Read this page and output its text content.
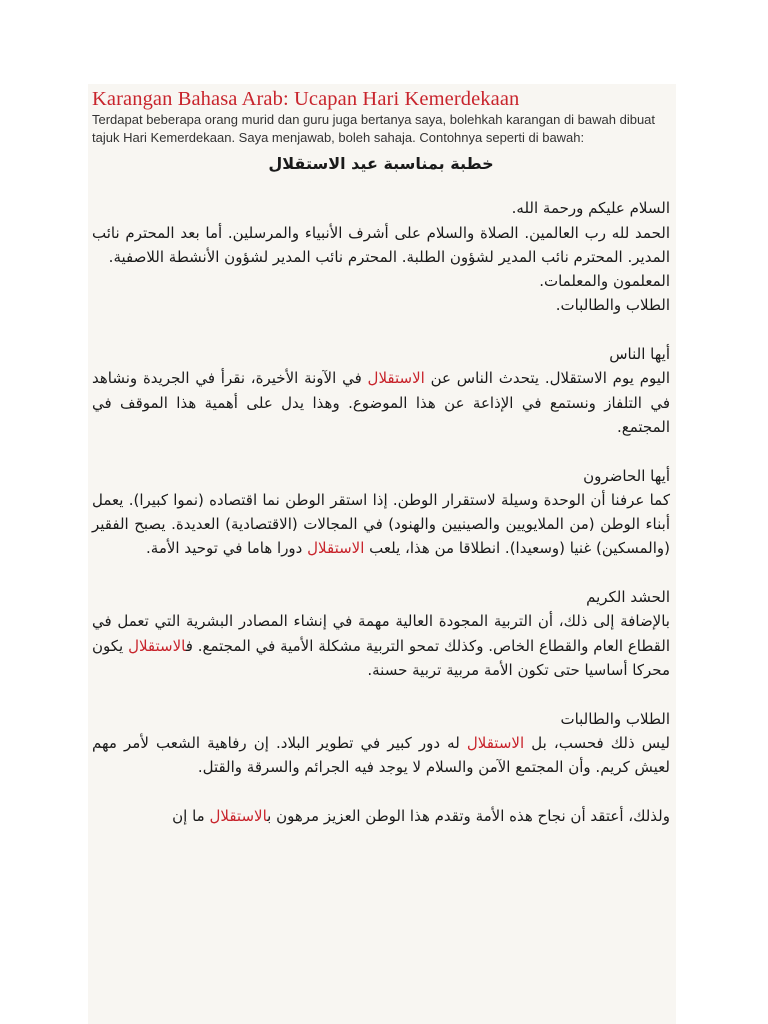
Karangan Bahasa Arab: Ucapan Hari Kemerdekaan

Terdapat beberapa orang murid dan guru juga bertanya saya, bolehkah karangan di bawah dibuat tajuk Hari Kemerdekaan. Saya menjawab, boleh sahaja. Contohnya seperti di bawah:

خطبة بمناسبة عيد الاستقلال

السلام عليكم ورحمة الله.
الحمد لله رب العالمين. الصلاة والسلام على أشرف الأنبياء والمرسلين. أما بعد المحترم نائب المدير. المحترم نائب المدير لشؤون الطلبة. المحترم نائب المدير لشؤون الأنشطة اللاصفية.
المعلمون والمعلمات.
الطلاب والطالبات.

أيها الناس
اليوم يوم الاستقلال. يتحدث الناس عن الاستقلال في الآونة الأخيرة، نقرأ في الجريدة ونشاهد في التلفاز ونستمع في الإذاعة عن هذا الموضوع. وهذا يدل على أهمية هذا الموقف في المجتمع.

أيها الحاضرون
كما عرفنا أن الوحدة وسيلة لاستقرار الوطن. إذا استقر الوطن نما اقتصاده (نموا كبيرا). يعمل أبناء الوطن (من الملايويين والصينيين والهنود) في المجالات (الاقتصادية) العديدة. يصبح الفقير (والمسكين) غنيا (وسعيدا). انطلاقا من هذا، يلعب الاستقلال دورا هاما في توحيد الأمة.

الحشد الكريم
بالإضافة إلى ذلك، أن التربية المجودة العالية مهمة في إنشاء المصادر البشرية التي تعمل في القطاع العام والقطاع الخاص. وكذلك تمحو التربية مشكلة الأمية في المجتمع. فالاستقلال يكون محركا أساسيا حتى تكون الأمة مربية تربية حسنة.

الطلاب والطالبات
ليس ذلك فحسب، بل الاستقلال له دور كبير في تطوير البلاد. إن رفاهية الشعب لأمر مهم لعيش كريم. وأن المجتمع الآمن والسلام لا يوجد فيه الجرائم والسرقة والقتل.

ولذلك، أعتقد أن نجاح هذه الأمة وتقدم هذا الوطن العزيز مرهون بالاستقلال ما إن
